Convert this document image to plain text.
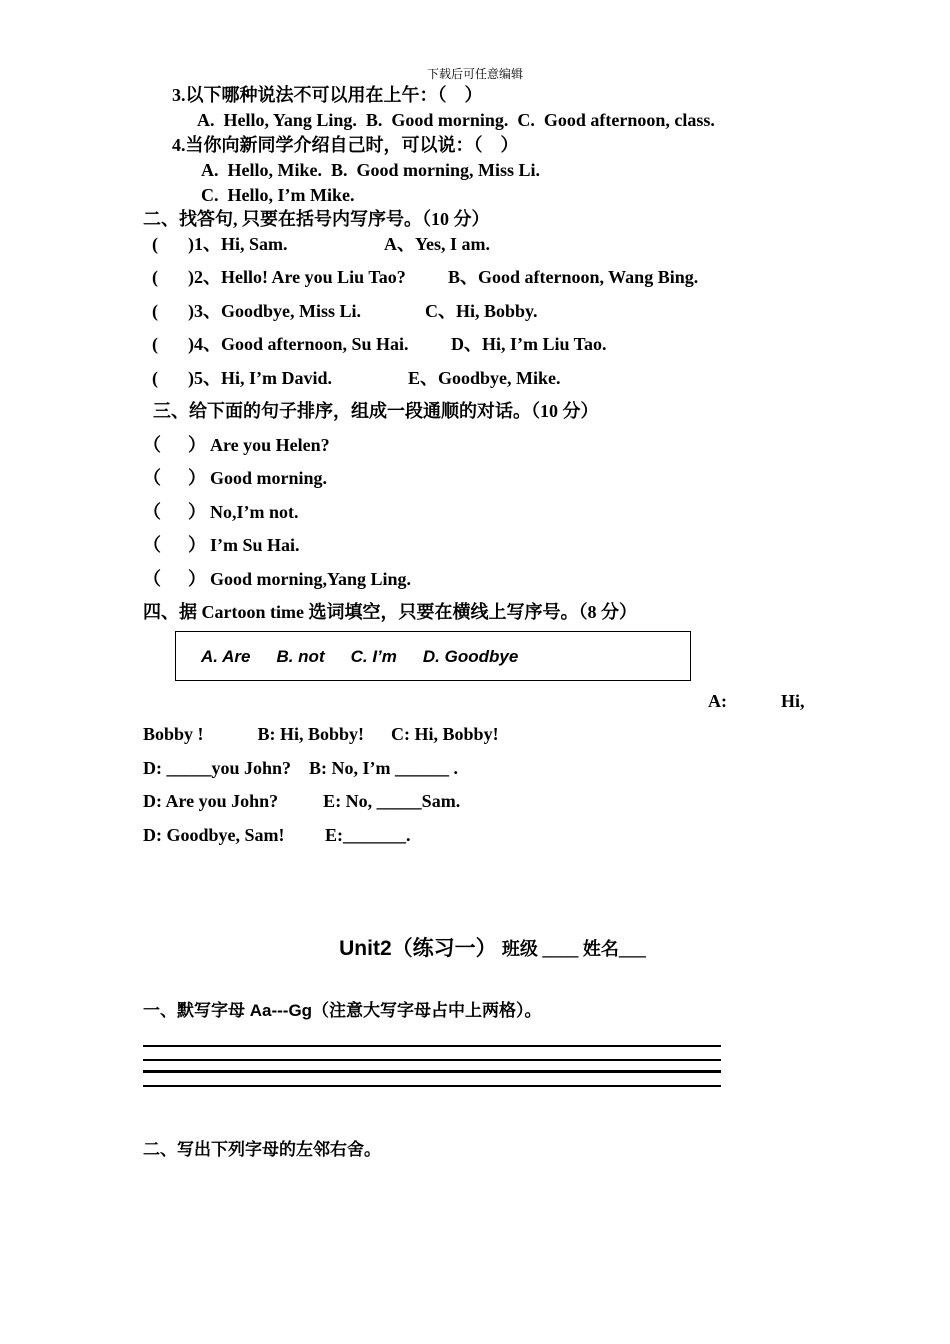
下载后可任意编辑
3.以下哪种说法不可以用在上午：（    ）
A.  Hello, Yang Ling.  B.  Good morning.  C.  Good afternoon, class.
4.当你向新同学介绍自己时，可以说：（    ）
A.  Hello, Mike.  B.  Good morning, Miss Li.
C.  Hello, I’m Mike.
二、找答句, 只要在括号内写序号。（10 分）
( )1、Hi, Sam.	A、Yes, I am.
( )2、Hello! Are you Liu Tao? B、Good afternoon, Wang Bing.
( )3、Goodbye, Miss Li.	C、Hi, Bobby.
( )4、Good afternoon, Su Hai. D、Hi, I’m Liu Tao.
( )5、Hi, I’m David.	E、Goodbye, Mike.
三、给下面的句子排序，组成一段通顺的对话。（10 分）
（      ） Are you Helen?
（      ） Good morning.
（      ） No,I’m not.
（      ） I’m Su Hai.
（      ） Good morning,Yang Ling.
四、据 Cartoon time 选词填空，只要在横线上写序号。（8 分）
A. Are B. not C. I’m D. Goodbye
A:	Hi,
Bobby !            B: Hi, Bobby!      C: Hi, Bobby!
D: _____you John?    B: No, I’m ______ .
D: Are you John?          E: No, _____Sam.
D: Goodbye, Sam!         E:_______.
Unit2（练习一） 班级 ____ 姓名___
一、默写字母 Aa---Gg（注意大写字母占中上两格）。
二、写出下列字母的左邻右舍。
